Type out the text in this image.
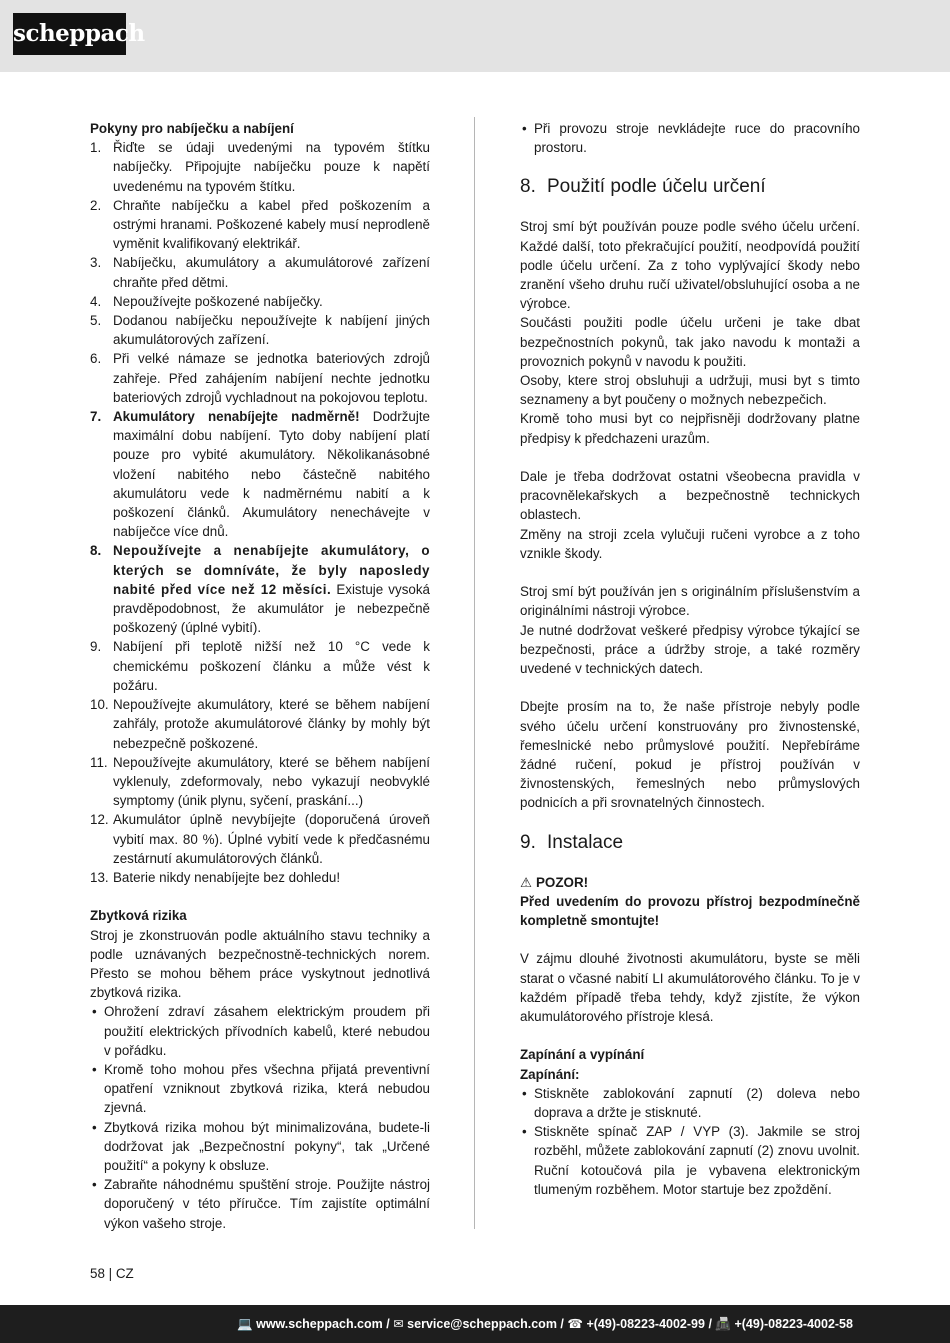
scheppach
Pokyny pro nabíječku a nabíjení
1. Řiďte se údaji uvedenými na typovém štítku nabíječky. Připojujte nabíječku pouze k napětí uvedenému na typovém štítku.
2. Chraňte nabíječku a kabel před poškozením a ostrými hranami. Poškozené kabely musí neprodleně vyměnit kvalifikovaný elektrikář.
3. Nabíječku, akumulátory a akumulátorové zařízení chraňte před dětmi.
4. Nepoužívejte poškozené nabíječky.
5. Dodanou nabíječku nepoužívejte k nabíjení jiných akumulátorových zařízení.
6. Při velké námaze se jednotka bateriových zdrojů zahřeje. Před zahájením nabíjení nechte jednotku bateriových zdrojů vychladnout na pokojovou teplotu.
7. Akumulátory nenabíjejte nadměrně! Dodržujte maximální dobu nabíjení. Tyto doby nabíjení platí pouze pro vybité akumulátory. Několikanásobné vložení nabitého nebo částečně nabitého akumulátoru vede k nadměrnému nabití a k poškození článků. Akumulátory nenechávejte v nabíječce více dnů.
8. Nepoužívejte a nenabíjejte akumulátory, o kterých se domníváte, že byly naposledy nabité před více než 12 měsíci. Existuje vysoká pravděpodobnost, že akumulátor je nebezpečně poškozený (úplné vybití).
9. Nabíjení při teplotě nižší než 10 °C vede k chemickému poškození článku a může vést k požáru.
10. Nepoužívejte akumulátory, které se během nabíjení zahřály, protože akumulátorové články by mohly být nebezpečně poškozené.
11. Nepoužívejte akumulátory, které se během nabíjení vyklenuly, zdeformovaly, nebo vykazují neobvyklé symptomy (únik plynu, syčení, praskání...)
12. Akumulátor úplně nevybíjejte (doporučená úroveň vybití max. 80 %). Úplné vybití vede k předčasnému zestárnutí akumulátorových článků.
13. Baterie nikdy nenabíjejte bez dohledu!
Zbytková rizika
Stroj je zkonstruován podle aktuálního stavu techniky a podle uznávaných bezpečnostně-technických norem. Přesto se mohou během práce vyskytnout jednotlivá zbytková rizika.
• Ohrožení zdraví zásahem elektrickým proudem při použití elektrických přívodních kabelů, které nebudou v pořádku.
• Kromě toho mohou přes všechna přijatá preventivní opatření vzniknout zbytková rizika, která nebudou zjevná.
• Zbytková rizika mohou být minimalizována, budete-li dodržovat jak „Bezpečnostní pokyny“, tak „Určené použití“ a pokyny k obsluze.
• Zabraňte náhodnému spuštění stroje. Použijte nástroj doporučený v této příručce. Tím zajistíte optimální výkon vašeho stroje.
• Při provozu stroje nevkládejte ruce do pracovního prostoru.
8. Použití podle účelu určení
Stroj smí být používán pouze podle svého účelu určení. Každé další, toto překračující použití, neodpovídá použití podle účelu určení. Za z toho vyplývající škody nebo zranění všeho druhu ručí uživatel/obsluhující osoba a ne výrobce.
Součásti použiti podle účelu určeni je take dbat bezpečnostních pokynů, tak jako navodu k montaži a provoznich pokynů v navodu k použiti.
Osoby, ktere stroj obsluhuji a udržuji, musi byt s timto seznameny a byt poučeny o možnych nebezpečich.
Kromě toho musi byt co nejpřisněji dodržovany platne předpisy k předchazeni urazům.
Dale je třeba dodržovat ostatni všeobecna pravidla v pracovnělekařskych a bezpečnostně technickych oblastech.
Změny na stroji zcela vylučuji ručeni vyrobce a z toho vznikle škody.
Stroj smí být používán jen s originálním příslušenstvím a originálními nástroji výrobce.
Je nutné dodržovat veškeré předpisy výrobce týkající se bezpečnosti, práce a údržby stroje, a také rozměry uvedené v technických datech.
Dbejte prosím na to, že naše přístroje nebyly podle svého účelu určení konstruovány pro živnostenské, řemeslnické nebo průmyslové použití. Nepřebíráme žádné ručení, pokud je přístroj používán v živnostenských, řemeslných nebo průmyslových podnicích a při srovnatelných činnostech.
9. Instalace
⚠ POZOR!
Před uvedením do provozu přístroj bezpodmínečně kompletně smontujte!
V zájmu dlouhé životnosti akumulátoru, byste se měli starat o včasné nabití LI akumulátorového článku. To je v každém případě třeba tehdy, když zjistíte, že výkon akumulátorového přístroje klesá.
Zapínání a vypínání
Zapínání:
• Stiskněte zablokování zapnutí (2) doleva nebo doprava a držte je stisknuté.
• Stiskněte spínač ZAP / VYP (3). Jakmile se stroj rozběhl, můžete zablokování zapnutí (2) znovu uvolnit. Ruční kotoučová pila je vybavena elektronickým tlumeným rozběhem. Motor startuje bez zpoždění.
58 | CZ
💻 www.scheppach.com / ✉ service@scheppach.com / ☎ +(49)-08223-4002-99 / 📠 +(49)-08223-4002-58
